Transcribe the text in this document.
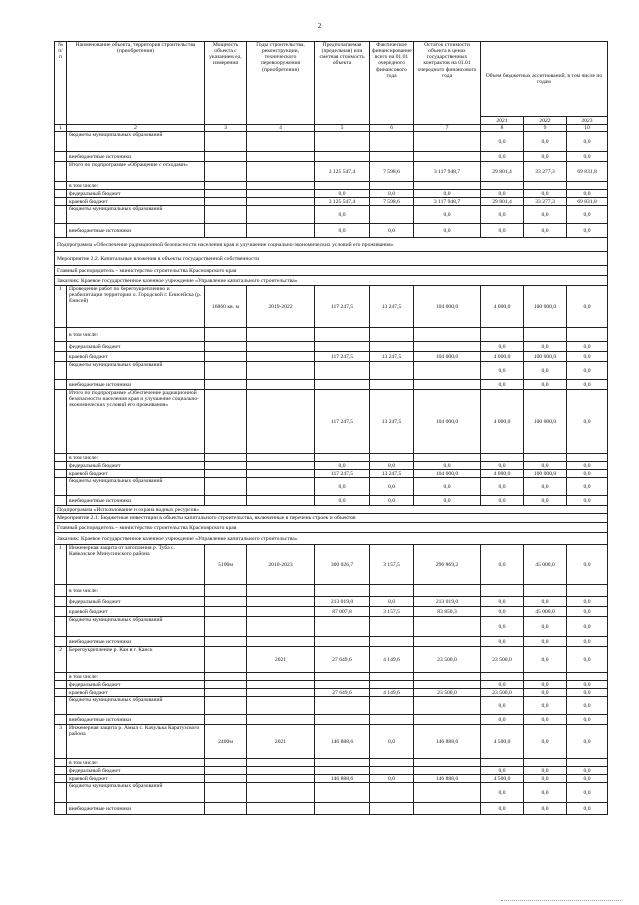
2
№ п/п	Наименование объекта, территория строительства (приобретения)	Мощность объекта с указанием ед. измерения	Годы строительства, реконструкции, технического перевооружения (приобретения)	Предполагаемая (предельная) или сметная стоимость объекта	Фактическое финансирование всего на 01.01 очередного финансового года	Остаток стоимости объекта в ценах государственных контрактов на 01.01 очередного финансового года	Объем бюджетных ассигнований, в том числе по годам		
							2021	2022	2023
1	2	3	4	5	6	7	8	9	10
	бюджеты муниципальных образований						0,0	0,0	0,0
	внебюджетные источники						0,0	0,0	0,0
	Итого по подпрограмме «Обращение с отходами»			3 125 547,4	7 598,6	3 117 948,7	29 801,4	33 277,3	69 831,8
	в том числе:								
	федеральный бюджет			0,0	0,0	0,0	0,0	0,0	0,0
	краевой бюджет			3 125 547,4	7 598,6	3 117 948,7	29 801,4	33 277,3	69 831,8
	бюджеты муниципальных образований			0,0		0,0	0,0	0,0	0,0
	внебюджетные источники			0,0	0,0	0,0	0,0	0,0	0,0
Подпрограмма «Обеспечение радиационной безопасности населения края и улучшение социально-экономических условий его проживания»									
Мероприятие 2.2. Капитальные вложения в объекты государственной собственности									
Главный распорядитель – министерство строительства Красноярского края									
Заказчик: Краевое государственное казенное учреждение «Управление капитального строительства»									
1	Проведение работ по берегоукреплению и реабилитации территории о. Городской г. Енисейска (р. Енисей)	16860 кв. м	2019-2022	117 247,5	13 247,5	104 000,0	4 000,0	100 000,0	0,0
	в том числе:								
	федеральный бюджет						0,0	0,0	0,0
	краевой бюджет			117 247,5	13 247,5	104 000,0	4 000,0	100 000,0	0,0
	бюджеты муниципальных образований						0,0	0,0	0,0
	внебюджетные источники						0,0	0,0	0,0
	Итого по подпрограмме «Обеспечение радиационной безопасности населения края и улучшение социально-экономических условий его проживания»			117 247,5	13 247,5	104 000,0	4 000,0	100 000,0	0,0
	в том числе:								
	федеральный бюджет			0,0	0,0	0,0	0,0	0,0	0,0
	краевой бюджет			117 247,5	13 247,5	104 000,0	4 000,0	100 000,0	0,0
	бюджеты муниципальных образований			0,0	0,0	0,0	0,0	0,0	0,0
	внебюджетные источники			0,0	0,0	0,0	0,0	0,0	0,0
Подпрограмма «Использование и охрана водных ресурсов»									
Мероприятие 2.1. Бюджетные инвестиции в объекты капитального строительства, включенные в перечень строек и объектов									
Главный распорядитель – министерство строительства Красноярского края									
Заказчик: Краевое государственное казенное учреждение «Управление капитального строительства»									
1	Инженерная защита от затопления р. Туба с. Кавказское Минусинского района	5100м	2010-2023	300 026,7	3 157,5	296 869,2	0,0	45 000,0	0,0
	в том числе:								
	федеральный бюджет			213 019,0	0,0	213 019,0	0,0	0,0	0,0
	краевой бюджет			87 007,8	3 157,5	83 850,3	0,0	45 000,0	0,0
	бюджеты муниципальных образований						0,0	0,0	0,0
	внебюджетные источники						0,0	0,0	0,0
2	Берегоукрепление р. Кан в г. Канск		2021	27 649,6	4 149,6	23 500,0	23 500,0	0,0	0,0
	в том числе:								
	федеральный бюджет						0,0	0,0	0,0
	краевой бюджет			27 649,6	4 149,6	23 500,0	23 500,0	0,0	0,0
	бюджеты муниципальных образований						0,0	0,0	0,0
	внебюджетные источники						0,0	0,0	0,0
3	Инженерная защита р. Амыл с. Качулька Каратузского района	2400м	2021	146 888,6	0,0	146 888,6	4 500,0	0,0	0,0
	в том числе:								
	федеральный бюджет						0,0	0,0	0,0
	краевой бюджет			146 888,6	0,0	146 888,6	4 500,0	0,0	0,0
	бюджеты муниципальных образований						0,0	0,0	0,0
	внебюджетные источники						0,0	0,0	0,0
